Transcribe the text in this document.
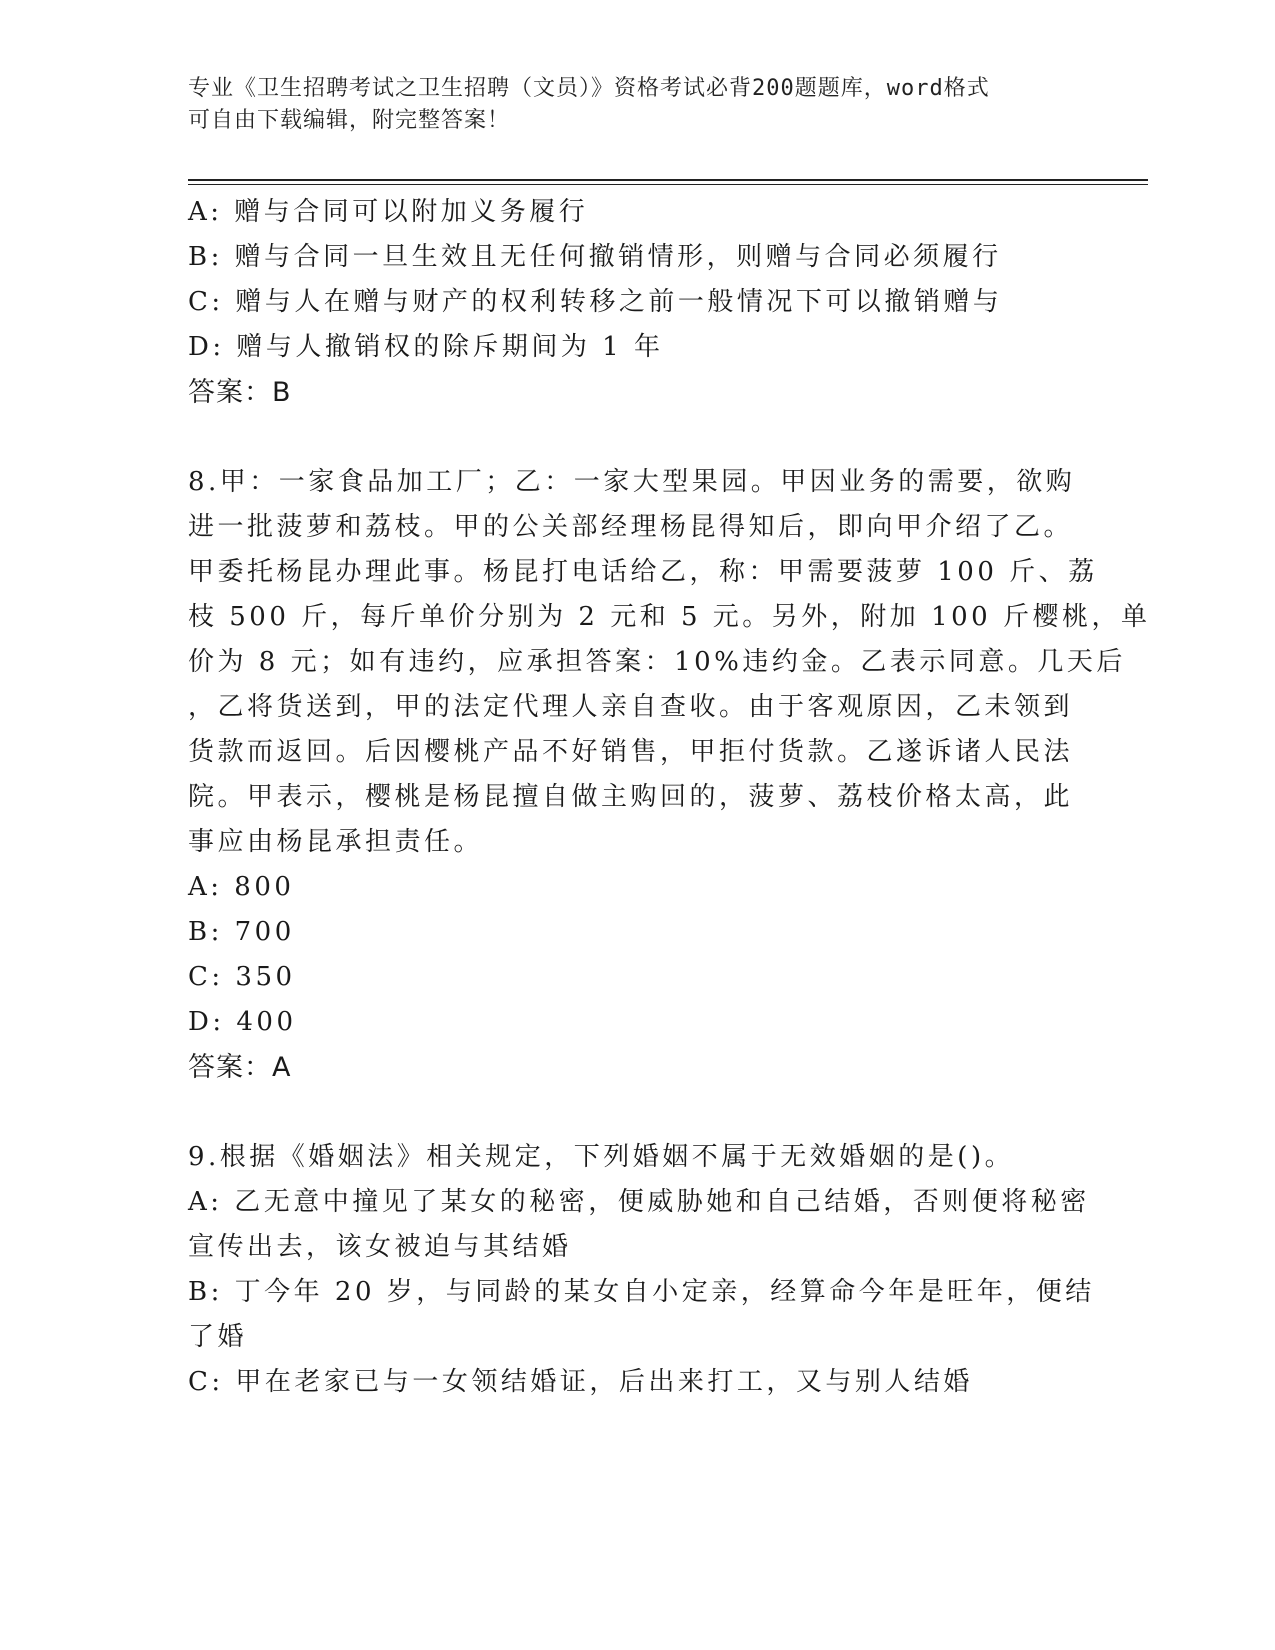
专业《卫生招聘考试之卫生招聘（文员）》资格考试必背200题题库，word格式
可自由下载编辑，附完整答案！
A: 赠与合同可以附加义务履行
B: 赠与合同一旦生效且无任何撤销情形，则赠与合同必须履行
C: 赠与人在赠与财产的权利转移之前一般情况下可以撤销赠与
D: 赠与人撤销权的除斥期间为 1 年
答案：B
8.甲：一家食品加工厂；乙：一家大型果园。甲因业务的需要，欲购
进一批菠萝和荔枝。甲的公关部经理杨昆得知后，即向甲介绍了乙。
甲委托杨昆办理此事。杨昆打电话给乙，称：甲需要菠萝 100 斤、荔
枝 500 斤，每斤单价分别为 2 元和 5 元。另外，附加 100 斤樱桃，单
价为 8 元；如有违约，应承担答案：10%违约金。乙表示同意。几天后
，乙将货送到，甲的法定代理人亲自查收。由于客观原因，乙未领到
货款而返回。后因樱桃产品不好销售，甲拒付货款。乙遂诉诸人民法
院。甲表示，樱桃是杨昆擅自做主购回的，菠萝、荔枝价格太高，此
事应由杨昆承担责任。
A: 800
B: 700
C: 350
D: 400
答案：A
9.根据《婚姻法》相关规定，下列婚姻不属于无效婚姻的是()。
A: 乙无意中撞见了某女的秘密，便威胁她和自己结婚，否则便将秘密
宣传出去，该女被迫与其结婚
B: 丁今年 20 岁，与同龄的某女自小定亲，经算命今年是旺年，便结
了婚
C: 甲在老家已与一女领结婚证，后出来打工，又与别人结婚
